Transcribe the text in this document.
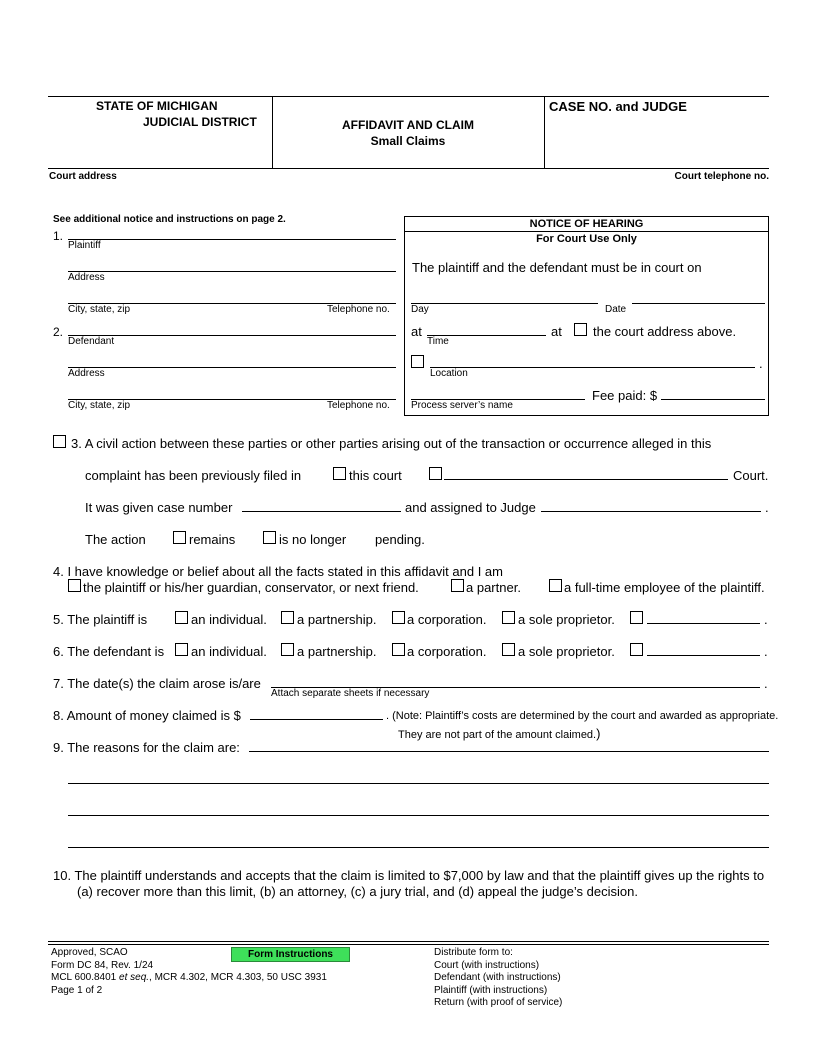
STATE OF MICHIGAN
JUDICIAL DISTRICT	AFFIDAVIT AND CLAIM
Small Claims
CASE NO. and JUDGE
Court address	Court telephone no.
See additional notice and instructions on page 2.
1.
Plaintiff
Address
City, state, zip	Telephone no.
2.
Defendant
Address
City, state, zip	Telephone no.
NOTICE OF HEARING
For Court Use Only
The plaintiff and the defendant must be in court on
Day	Date
at
Time
at the court address above.
.
Location
Process server’s name
Fee paid: $
3. A civil action between these parties or other parties arising out of the transaction or occurrence alleged in this
complaint has been previously filed in	this court	Court.
It was given case number	and assigned to Judge	.
The action	remains	is no longer pending.
4. I have knowledge or belief about all the facts stated in this affidavit and I am
the plaintiff or his/her guardian, conservator, or next friend.	a partner.	a full-time employee of the plaintiff.
5. The plaintiff is	an individual. a partnership. a corporation. a sole proprietor.	.
6. The defendant is an individual. a partnership. a corporation. a sole proprietor.	.
7. The date(s) the claim arose is/are
Attach separate sheets if necessary
.
8. Amount of money claimed is $	. (Note: Plaintiff’s costs are determined by the court and awarded as appropriate.
They are not part of the amount claimed.)
9. The reasons for the claim are:
10. The plaintiff understands and accepts that the claim is limited to $7,000 by law and that the plaintiff gives up the rights to
(a) recover more than this limit, (b) an attorney, (c) a jury trial, and (d) appeal the judge’s decision.
Approved, SCAO
Form DC 84, Rev. 1/24
MCL 600.8401 et seq., MCR 4.302, MCR 4.303, 50 USC 3931
Page 1 of 2
Form Instructions	Distribute form to:
Court (with instructions)
Defendant (with instructions)
Plaintiff (with instructions)
Return (with proof of service)
